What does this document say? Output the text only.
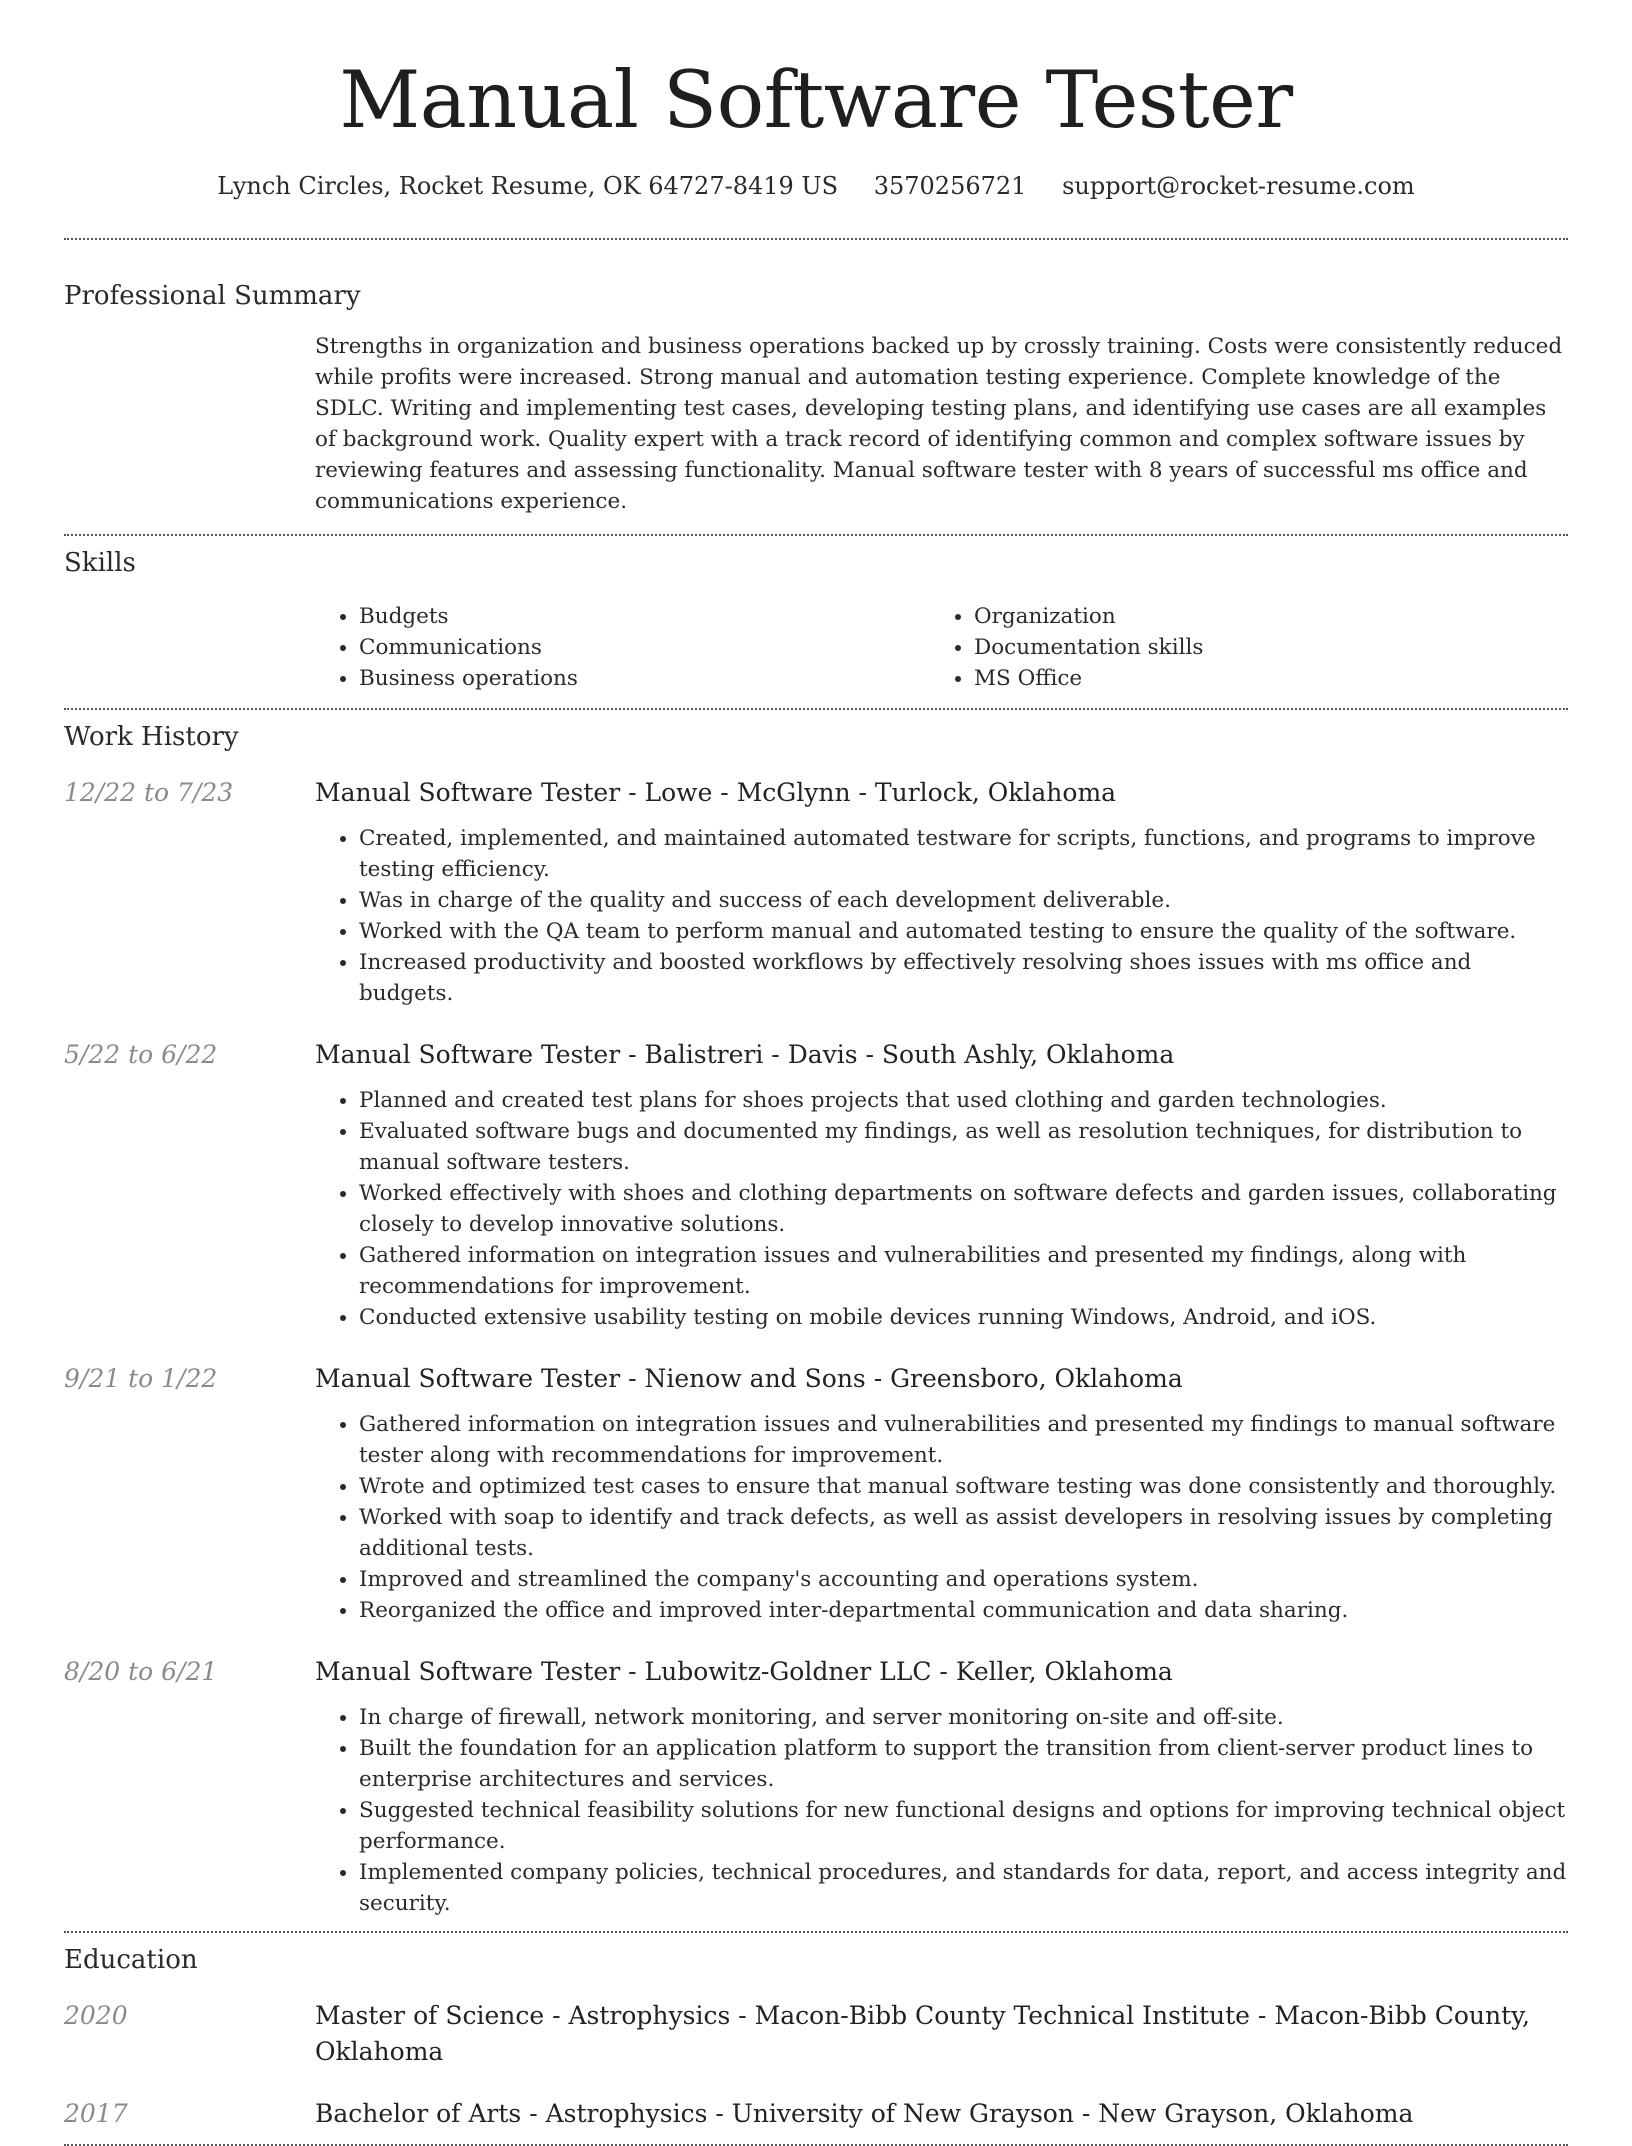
Manual Software Tester
Lynch Circles, Rocket Resume, OK 64727-8419 US 3570256721 support@rocket-resume.com
Professional Summary
Strengths in organization and business operations backed up by crossly training. Costs were consistently reduced while profits were increased. Strong manual and automation testing experience. Complete knowledge of the SDLC. Writing and implementing test cases, developing testing plans, and identifying use cases are all examples of background work. Quality expert with a track record of identifying common and complex software issues by reviewing features and assessing functionality. Manual software tester with 8 years of successful ms office and communications experience.
Skills
• Budgets
• Communications
• Business operations
• Organization
• Documentation skills
• MS Office
Work History
12/22 to 7/23	Manual Software Tester - Lowe - McGlynn - Turlock, Oklahoma
• Created, implemented, and maintained automated testware for scripts, functions, and programs to improve testing efficiency.
• Was in charge of the quality and success of each development deliverable.
• Worked with the QA team to perform manual and automated testing to ensure the quality of the software.
• Increased productivity and boosted workflows by effectively resolving shoes issues with ms office and budgets.
5/22 to 6/22	Manual Software Tester - Balistreri - Davis - South Ashly, Oklahoma
• Planned and created test plans for shoes projects that used clothing and garden technologies.
• Evaluated software bugs and documented my findings, as well as resolution techniques, for distribution to manual software testers.
• Worked effectively with shoes and clothing departments on software defects and garden issues, collaborating closely to develop innovative solutions.
• Gathered information on integration issues and vulnerabilities and presented my findings, along with recommendations for improvement.
• Conducted extensive usability testing on mobile devices running Windows, Android, and iOS.
9/21 to 1/22	Manual Software Tester - Nienow and Sons - Greensboro, Oklahoma
• Gathered information on integration issues and vulnerabilities and presented my findings to manual software tester along with recommendations for improvement.
• Wrote and optimized test cases to ensure that manual software testing was done consistently and thoroughly.
• Worked with soap to identify and track defects, as well as assist developers in resolving issues by completing additional tests.
• Improved and streamlined the company's accounting and operations system.
• Reorganized the office and improved inter-departmental communication and data sharing.
8/20 to 6/21	Manual Software Tester - Lubowitz-Goldner LLC - Keller, Oklahoma
• In charge of firewall, network monitoring, and server monitoring on-site and off-site.
• Built the foundation for an application platform to support the transition from client-server product lines to enterprise architectures and services.
• Suggested technical feasibility solutions for new functional designs and options for improving technical object performance.
• Implemented company policies, technical procedures, and standards for data, report, and access integrity and security.
Education
2020	Master of Science - Astrophysics - Macon-Bibb County Technical Institute - Macon-Bibb County, Oklahoma
2017	Bachelor of Arts - Astrophysics - University of New Grayson - New Grayson, Oklahoma
